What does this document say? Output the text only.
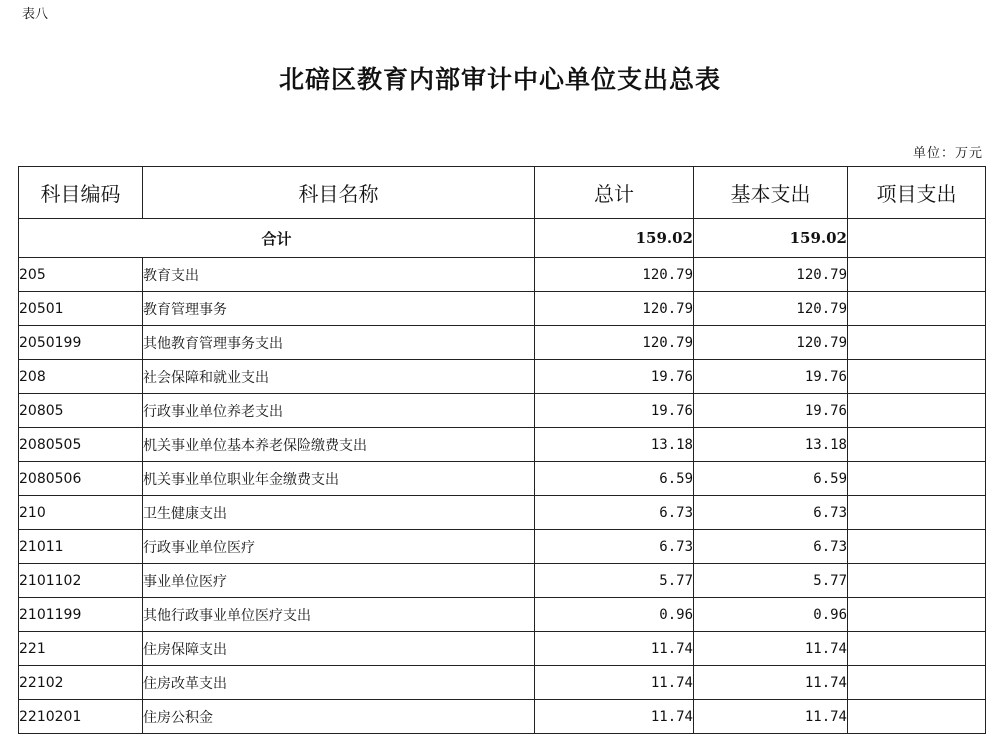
表八
北碚区教育内部审计中心单位支出总表
单位：万元
科目编码	科目名称	总计	基本支出	项目支出
合计		159.02	159.02	
205	教育支出	120.79	120.79	
20501	教育管理事务	120.79	120.79	
2050199	其他教育管理事务支出	120.79	120.79	
208	社会保障和就业支出	19.76	19.76	
20805	行政事业单位养老支出	19.76	19.76	
2080505	机关事业单位基本养老保险缴费支出	13.18	13.18	
2080506	机关事业单位职业年金缴费支出	6.59	6.59	
210	卫生健康支出	6.73	6.73	
21011	行政事业单位医疗	6.73	6.73	
2101102	事业单位医疗	5.77	5.77	
2101199	其他行政事业单位医疗支出	0.96	0.96	
221	住房保障支出	11.74	11.74	
22102	住房改革支出	11.74	11.74	
2210201	住房公积金	11.74	11.74	
